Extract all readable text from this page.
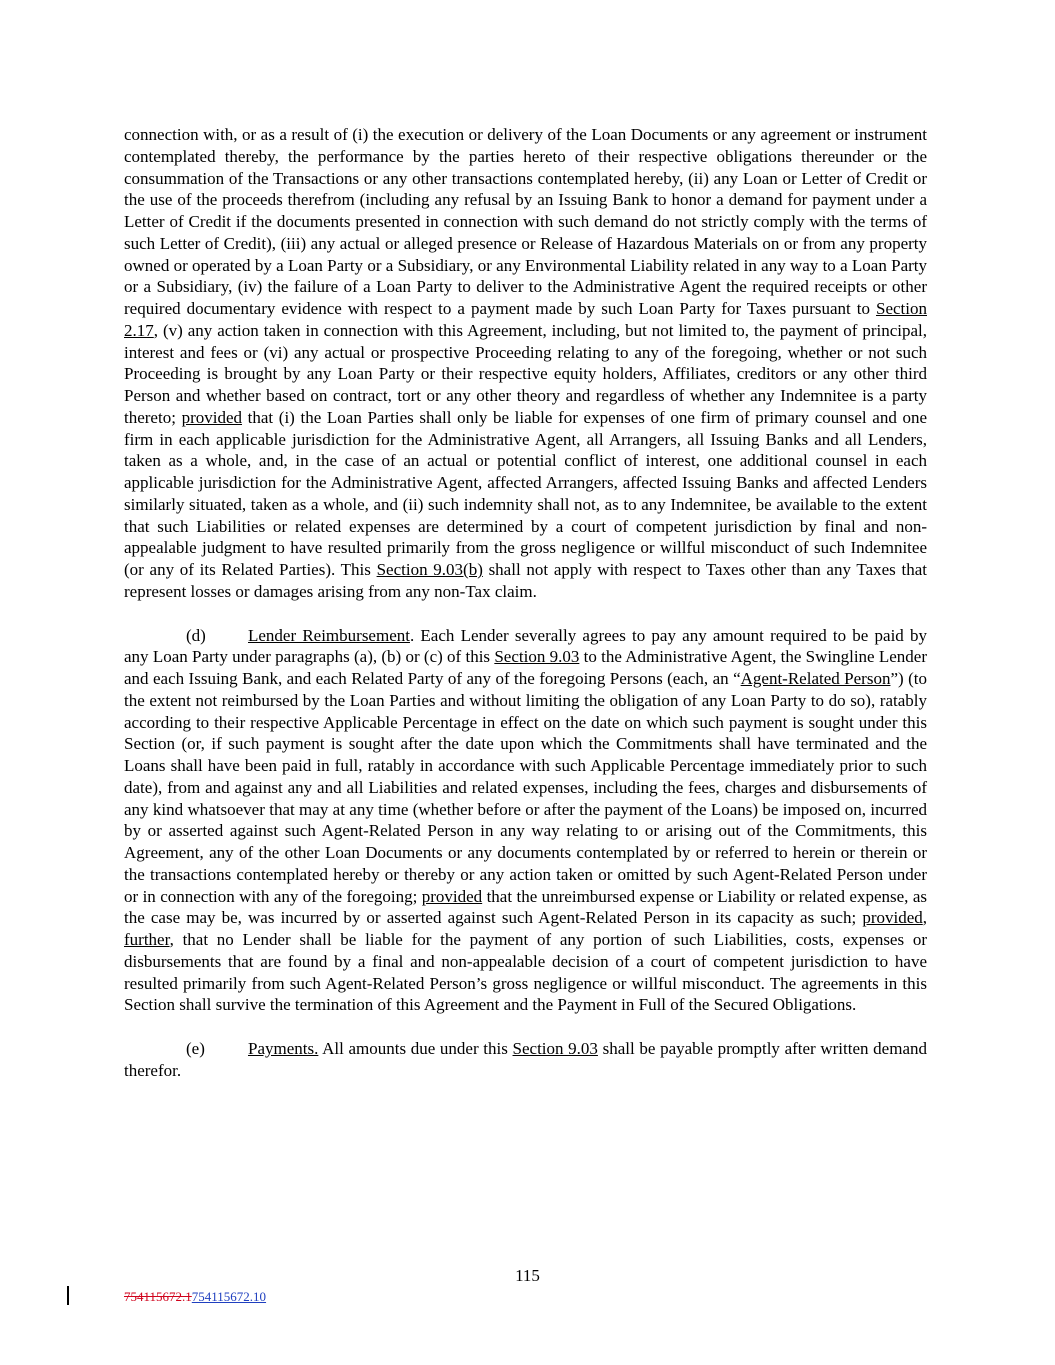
connection with, or as a result of (i) the execution or delivery of the Loan Documents or any agreement or instrument contemplated thereby, the performance by the parties hereto of their respective obligations thereunder or the consummation of the Transactions or any other transactions contemplated hereby, (ii) any Loan or Letter of Credit or the use of the proceeds therefrom (including any refusal by an Issuing Bank to honor a demand for payment under a Letter of Credit if the documents presented in connection with such demand do not strictly comply with the terms of such Letter of Credit), (iii) any actual or alleged presence or Release of Hazardous Materials on or from any property owned or operated by a Loan Party or a Subsidiary, or any Environmental Liability related in any way to a Loan Party or a Subsidiary, (iv) the failure of a Loan Party to deliver to the Administrative Agent the required receipts or other required documentary evidence with respect to a payment made by such Loan Party for Taxes pursuant to Section 2.17, (v) any action taken in connection with this Agreement, including, but not limited to, the payment of principal, interest and fees or (vi) any actual or prospective Proceeding relating to any of the foregoing, whether or not such Proceeding is brought by any Loan Party or their respective equity holders, Affiliates, creditors or any other third Person and whether based on contract, tort or any other theory and regardless of whether any Indemnitee is a party thereto; provided that (i) the Loan Parties shall only be liable for expenses of one firm of primary counsel and one firm in each applicable jurisdiction for the Administrative Agent, all Arrangers, all Issuing Banks and all Lenders, taken as a whole, and, in the case of an actual or potential conflict of interest, one additional counsel in each applicable jurisdiction for the Administrative Agent, affected Arrangers, affected Issuing Banks and affected Lenders similarly situated, taken as a whole, and (ii) such indemnity shall not, as to any Indemnitee, be available to the extent that such Liabilities or related expenses are determined by a court of competent jurisdiction by final and non-appealable judgment to have resulted primarily from the gross negligence or willful misconduct of such Indemnitee (or any of its Related Parties). This Section 9.03(b) shall not apply with respect to Taxes other than any Taxes that represent losses or damages arising from any non-Tax claim.

(d) Lender Reimbursement. Each Lender severally agrees to pay any amount required to be paid by any Loan Party under paragraphs (a), (b) or (c) of this Section 9.03 to the Administrative Agent, the Swingline Lender and each Issuing Bank, and each Related Party of any of the foregoing Persons (each, an “Agent-Related Person”) (to the extent not reimbursed by the Loan Parties and without limiting the obligation of any Loan Party to do so), ratably according to their respective Applicable Percentage in effect on the date on which such payment is sought under this Section (or, if such payment is sought after the date upon which the Commitments shall have terminated and the Loans shall have been paid in full, ratably in accordance with such Applicable Percentage immediately prior to such date), from and against any and all Liabilities and related expenses, including the fees, charges and disbursements of any kind whatsoever that may at any time (whether before or after the payment of the Loans) be imposed on, incurred by or asserted against such Agent-Related Person in any way relating to or arising out of the Commitments, this Agreement, any of the other Loan Documents or any documents contemplated by or referred to herein or therein or the transactions contemplated hereby or thereby or any action taken or omitted by such Agent-Related Person under or in connection with any of the foregoing; provided that the unreimbursed expense or Liability or related expense, as the case may be, was incurred by or asserted against such Agent-Related Person in its capacity as such; provided, further, that no Lender shall be liable for the payment of any portion of such Liabilities, costs, expenses or disbursements that are found by a final and non-appealable decision of a court of competent jurisdiction to have resulted primarily from such Agent-Related Person’s gross negligence or willful misconduct. The agreements in this Section shall survive the termination of this Agreement and the Payment in Full of the Secured Obligations.

(e)	Payments. All amounts due under this Section 9.03 shall be payable promptly after written demand therefor.

115
754115672.1754115672.10
